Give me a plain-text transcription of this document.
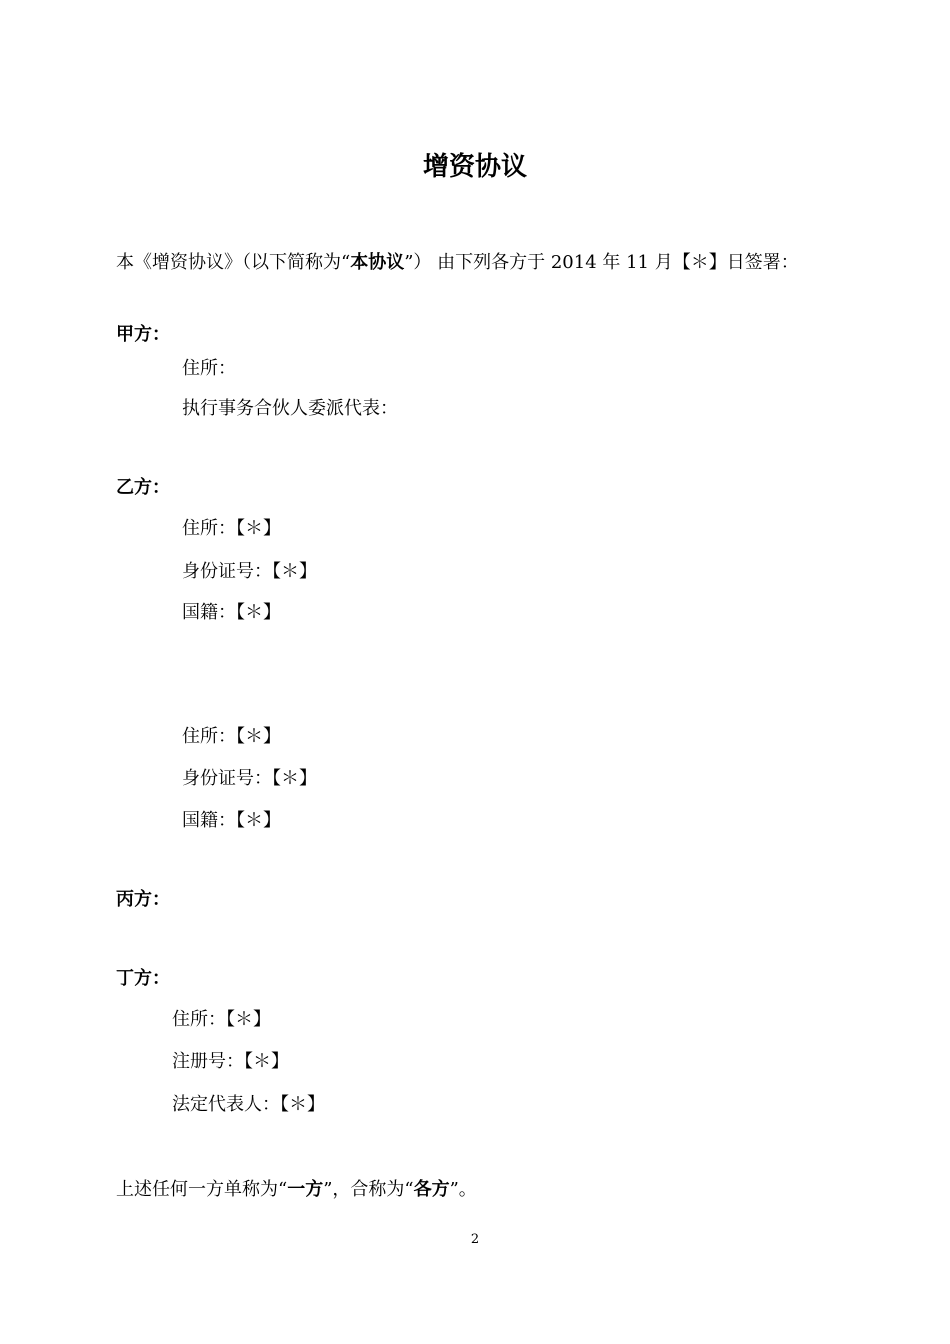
增资协议
本《增资协议》（以下简称为“本协议”） 由下列各方于 2014 年 11 月【＊】日签署：
甲方：
住所：
执行事务合伙人委派代表：
乙方：
住所：【＊】
身份证号：【＊】
国籍：【＊】
住所：【＊】
身份证号：【＊】
国籍：【＊】
丙方：
丁方：
住所：【＊】
注册号：【＊】
法定代表人：【＊】
上述任何一方单称为“一方”，合称为“各方”。
2
